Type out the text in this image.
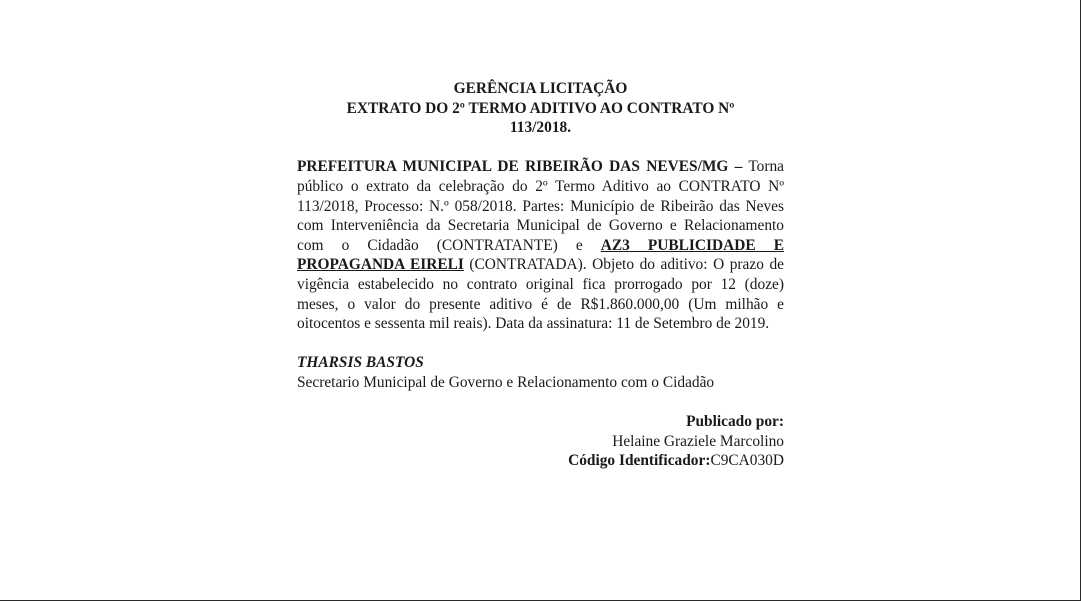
GERÊNCIA LICITAÇÃO
EXTRATO DO 2º TERMO ADITIVO AO CONTRATO Nº
113/2018.
PREFEITURA MUNICIPAL DE RIBEIRÃO DAS NEVES/MG – Torna público o extrato da celebração do 2º Termo Aditivo ao CONTRATO Nº 113/2018, Processo: N.º 058/2018. Partes: Município de Ribeirão das Neves com Interveniência da Secretaria Municipal de Governo e Relacionamento com o Cidadão (CONTRATANTE) e AZ3 PUBLICIDADE E PROPAGANDA EIRELI (CONTRATADA). Objeto do aditivo: O prazo de vigência estabelecido no contrato original fica prorrogado por 12 (doze) meses, o valor do presente aditivo é de R$1.860.000,00 (Um milhão e oitocentos e sessenta mil reais). Data da assinatura: 11 de Setembro de 2019.
THARSIS BASTOS
Secretario Municipal de Governo e Relacionamento com o Cidadão
Publicado por:
Helaine Graziele Marcolino
Código Identificador:C9CA030D
